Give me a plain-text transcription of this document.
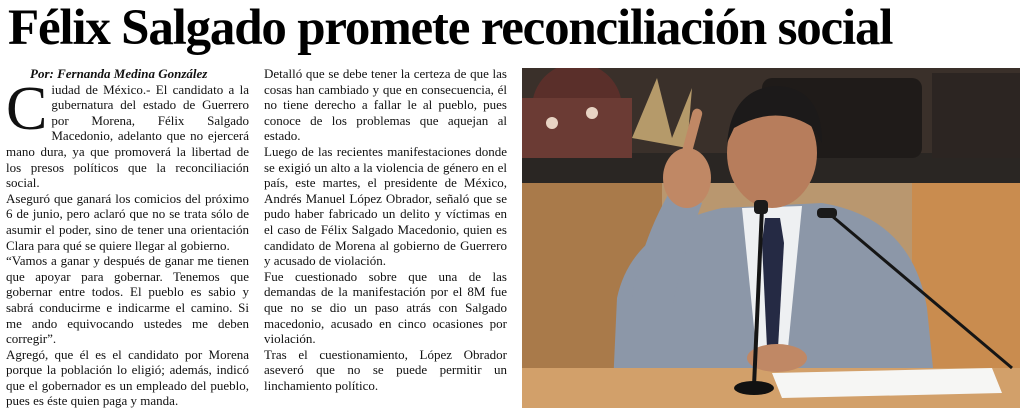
Félix Salgado promete reconciliación social

Por: Fernanda Medina González

Ciudad de México.- El candidato a la gubernatura del estado de Guerrero por Morena, Félix Salgado Macedonio, adelanto que no ejercerá mano dura, ya que promoverá la libertad de los presos políticos que la reconciliación social.

Aseguró que ganará los comicios del próximo 6 de junio, pero aclaró que no se trata sólo de asumir el poder, sino de tener una orientación Clara para qué se quiere llegar al gobierno.

“Vamos a ganar y después de ganar me tienen que apoyar para gobernar. Tenemos que gobernar entre todos. El pueblo es sabio y sabrá conducirme e indicarme el camino. Si me ando equivocando ustedes me deben corregir”.

Agregó, que él es el candidato por Morena porque la población lo eligió; además, indicó que el gobernador es un empleado del pueblo, pues es éste quien paga y manda.

Detalló que se debe tener la certeza de que las cosas han cambiado y que en consecuencia, él no tiene derecho a fallar le al pueblo, pues conoce de los problemas que aquejan al estado.

Luego de las recientes manifestaciones donde se exigió un alto a la violencia de género en el país, este martes, el presidente de México, Andrés Manuel López Obrador, señaló que se pudo haber fabricado un delito y víctimas en el caso de Félix Salgado Macedonio, quien es candidato de Morena al gobierno de Guerrero y acusado de violación.

Fue cuestionado sobre que una de las demandas de la manifestación por el 8M fue que no se dio un paso atrás con Salgado macedonio, acusado en cinco ocasiones por violación.

Tras el cuestionamiento, López Obrador aseveró que no se puede permitir un linchamiento político.
